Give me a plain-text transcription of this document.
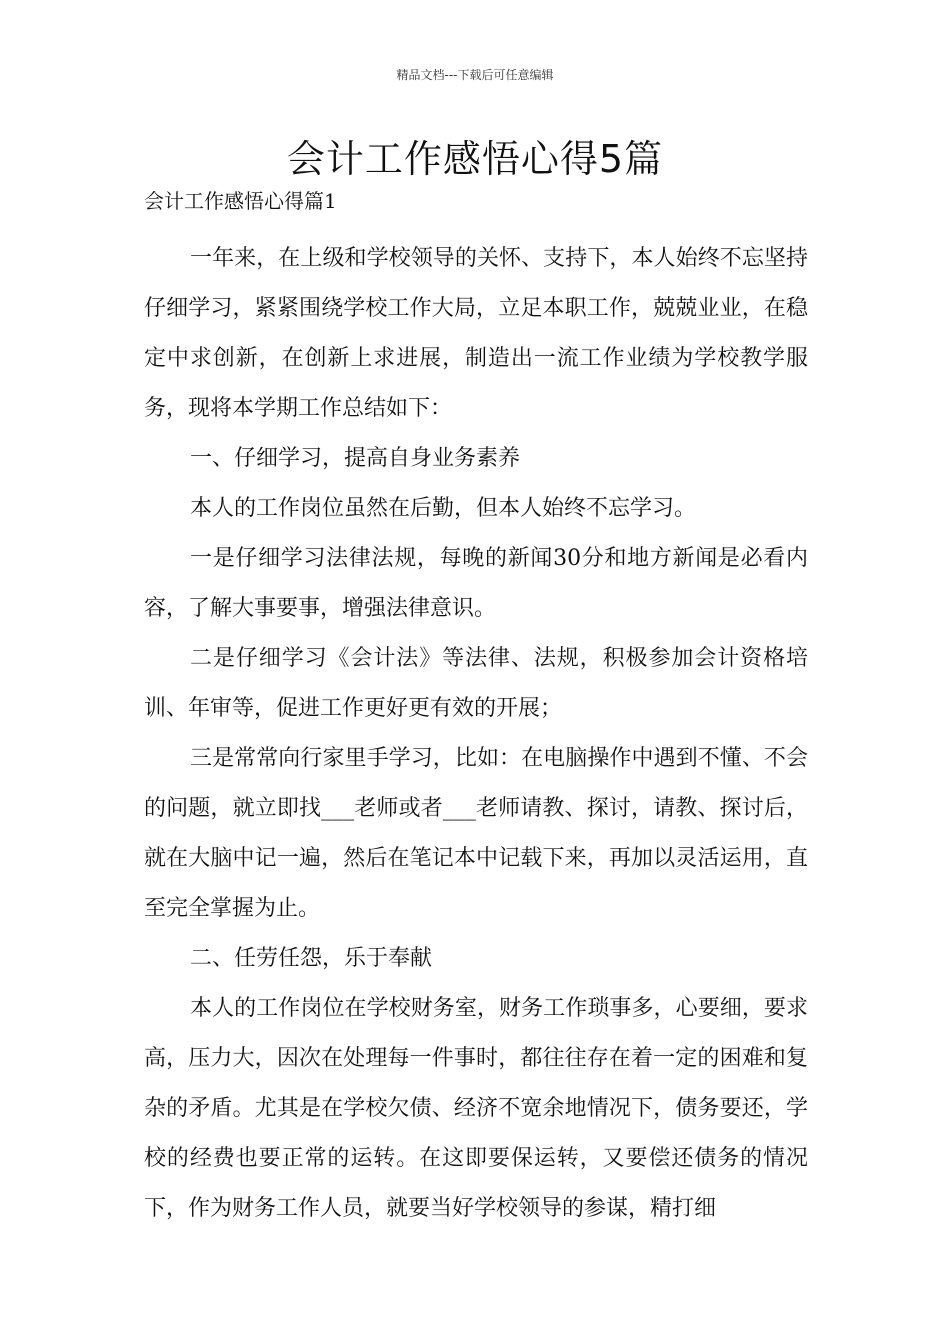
精品文档---下载后可任意编辑
会计工作感悟心得5篇

会计工作感悟心得篇1

一年来，在上级和学校领导的关怀、支持下，本人始终不忘坚持仔细学习，紧紧围绕学校工作大局，立足本职工作，兢兢业业，在稳定中求创新，在创新上求进展，制造出一流工作业绩为学校教学服务，现将本学期工作总结如下：

一、仔细学习，提高自身业务素养

本人的工作岗位虽然在后勤，但本人始终不忘学习。

一是仔细学习法律法规，每晚的新闻30分和地方新闻是必看内容，了解大事要事，增强法律意识。

二是仔细学习《会计法》等法律、法规，积极参加会计资格培训、年审等，促进工作更好更有效的开展；

三是常常向行家里手学习，比如：在电脑操作中遇到不懂、不会的问题，就立即找___老师或者___老师请教、探讨，请教、探讨后，就在大脑中记一遍，然后在笔记本中记载下来，再加以灵活运用，直至完全掌握为止。

二、任劳任怨，乐于奉献

本人的工作岗位在学校财务室，财务工作琐事多，心要细，要求高，压力大，因次在处理每一件事时，都往往存在着一定的困难和复杂的矛盾。尤其是在学校欠债、经济不宽余地情况下，债务要还，学校的经费也要正常的运转。在这即要保运转，又要偿还债务的情况下，作为财务工作人员，就要当好学校领导的参谋，精打细
